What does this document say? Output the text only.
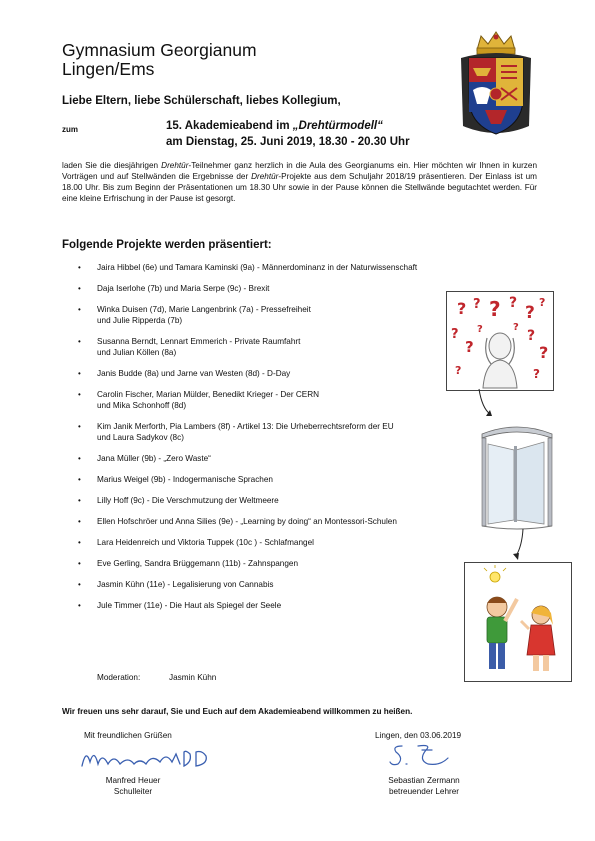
Gymnasium Georgianum
Lingen/Ems
Liebe Eltern, liebe Schülerschaft, liebes Kollegium,
zum	15. Akademieabend im „Drehtürmodell“
am Dienstag, 25. Juni 2019, 18.30 - 20.30 Uhr
laden Sie die diesjährigen Drehtür-Teilnehmer ganz herzlich in die Aula des Georgianums ein. Hier möchten wir Ihnen in kurzen Vorträgen und auf Stellwänden die Ergebnisse der Drehtür-Projekte aus dem Schuljahr 2018/19 präsentieren. Der Einlass ist um 18.00 Uhr. Bis zum Beginn der Präsentationen um 18.30 Uhr sowie in der Pause können die Stellwände begutachtet werden. Für eine kleine Erfrischung in der Pause ist gesorgt.
Folgende Projekte werden präsentiert:
• Jaira Hibbel (6e) und Tamara Kaminski (9a) - Männerdominanz in der Naturwissenschaft
• Daja Iserlohe (7b) und Maria Serpe (9c) - Brexit
• Winka Duisen (7d), Marie Langenbrink (7a) - Pressefreiheit
und Julie Ripperda (7b)
• Susanna Berndt, Lennart Emmerich - Private Raumfahrt
und Julian Köllen (8a)
• Janis Budde (8a) und Jarne van Westen (8d) - D-Day
• Carolin Fischer, Marian Mülder, Benedikt Krieger - Der CERN
und Mika Schonhoff (8d)
• Kim Janik Merforth, Pia Lambers (8f) - Artikel 13: Die Urheberrechtsreform der EU
und Laura Sadykov (8c)
• Jana Müller (9b) - „Zero Waste“
• Marius Weigel (9b) - Indogermanische Sprachen
• Lilly Hoff (9c) - Die Verschmutzung der Weltmeere
• Ellen Hofschröer und Anna Silies (9e) - „Learning by doing“ an Montessori-Schulen
• Lara Heidenreich und Viktoria Tuppek (10c ) - Schlafmangel
• Eve Gerling, Sandra Brüggemann (11b) - Zahnspangen
• Jasmin Kühn (11e) - Legalisierung von Cannabis
• Jule Timmer (11e) - Die Haut als Spiegel der Seele
Moderation:	Jasmin Kühn
? ? ? ? ?
?
?
?
?
?
?	?
?
?
Wir freuen uns sehr darauf, Sie und Euch auf dem Akademieabend willkommen zu heißen.
Mit freundlichen Grüßen	Lingen, den 03.06.2019
Manfred Heuer
Schulleiter
Sebastian Zermann
betreuender Lehrer
